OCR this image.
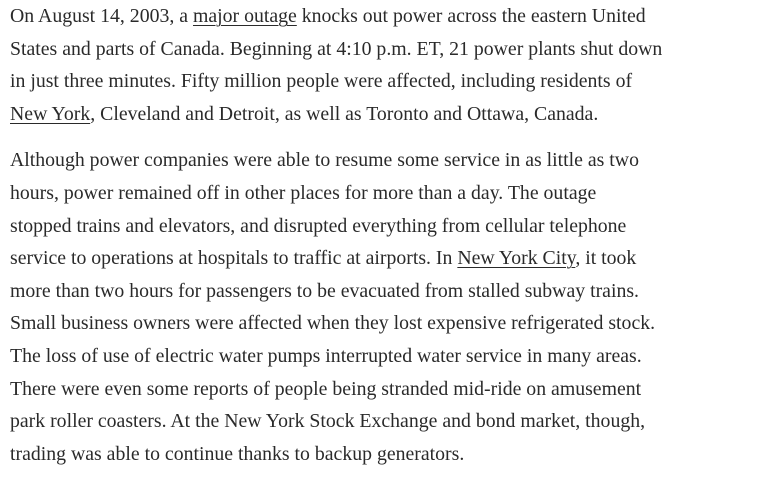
On August 14, 2003, a major outage knocks out power across the eastern United
States and parts of Canada. Beginning at 4:10 p.m. ET, 21 power plants shut down
in just three minutes. Fifty million people were affected, including residents of
New York, Cleveland and Detroit, as well as Toronto and Ottawa, Canada.

Although power companies were able to resume some service in as little as two
hours, power remained off in other places for more than a day. The outage
stopped trains and elevators, and disrupted everything from cellular telephone
service to operations at hospitals to traffic at airports. In New York City, it took
more than two hours for passengers to be evacuated from stalled subway trains.
Small business owners were affected when they lost expensive refrigerated stock.
The loss of use of electric water pumps interrupted water service in many areas.
There were even some reports of people being stranded mid-ride on amusement
park roller coasters. At the New York Stock Exchange and bond market, though,
trading was able to continue thanks to backup generators.
